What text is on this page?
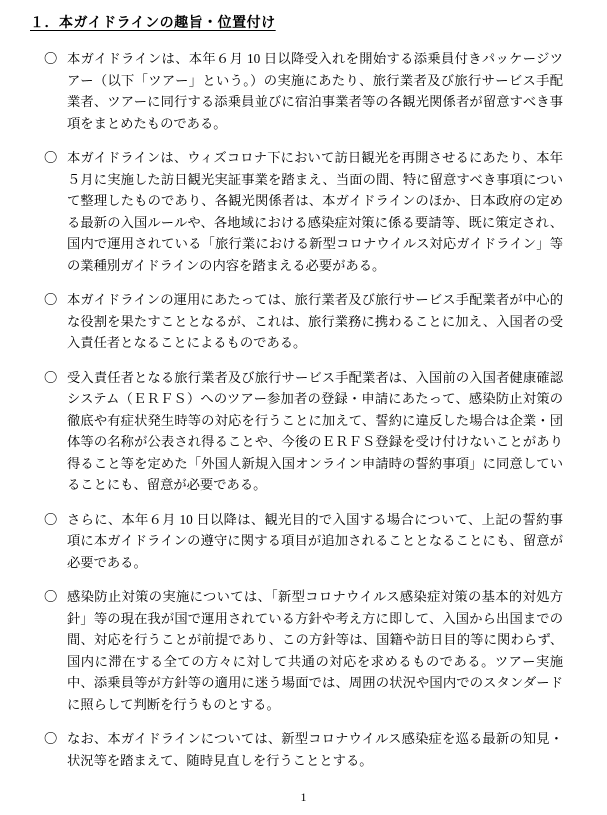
１．本ガイドラインの趣旨・位置付け
〇 本ガイドラインは、本年６月 10 日以降受入れを開始する添乗員付きパッケージツアー（以下「ツアー」という。）の実施にあたり、旅行業者及び旅行サービス手配業者、ツアーに同行する添乗員並びに宿泊事業者等の各観光関係者が留意すべき事項をまとめたものである。
〇 本ガイドラインは、ウィズコロナ下において訪日観光を再開させるにあたり、本年５月に実施した訪日観光実証事業を踏まえ、当面の間、特に留意すべき事項について整理したものであり、各観光関係者は、本ガイドラインのほか、日本政府の定める最新の入国ルールや、各地域における感染症対策に係る要請等、既に策定され、国内で運用されている「旅行業における新型コロナウイルス対応ガイドライン」等の業種別ガイドラインの内容を踏まえる必要がある。
〇 本ガイドラインの運用にあたっては、旅行業者及び旅行サービス手配業者が中心的な役割を果たすこととなるが、これは、旅行業務に携わることに加え、入国者の受入責任者となることによるものである。
〇 受入責任者となる旅行業者及び旅行サービス手配業者は、入国前の入国者健康確認システム（ＥＲＦＳ）へのツアー参加者の登録・申請にあたって、感染防止対策の徹底や有症状発生時等の対応を行うことに加えて、誓約に違反した場合は企業・団体等の名称が公表され得ることや、今後のＥＲＦＳ登録を受け付けないことがあり得ること等を定めた「外国人新規入国オンライン申請時の誓約事項」に同意していることにも、留意が必要である。
〇 さらに、本年６月 10 日以降は、観光目的で入国する場合について、上記の誓約事項に本ガイドラインの遵守に関する項目が追加されることとなることにも、留意が必要である。
〇 感染防止対策の実施については、「新型コロナウイルス感染症対策の基本的対処方針」等の現在我が国で運用されている方針や考え方に即して、入国から出国までの間、対応を行うことが前提であり、この方針等は、国籍や訪日目的等に関わらず、国内に滞在する全ての方々に対して共通の対応を求めるものである。ツアー実施中、添乗員等が方針等の適用に迷う場面では、周囲の状況や国内でのスタンダードに照らして判断を行うものとする。
〇 なお、本ガイドラインについては、新型コロナウイルス感染症を巡る最新の知見・状況等を踏まえて、随時見直しを行うこととする。
1
